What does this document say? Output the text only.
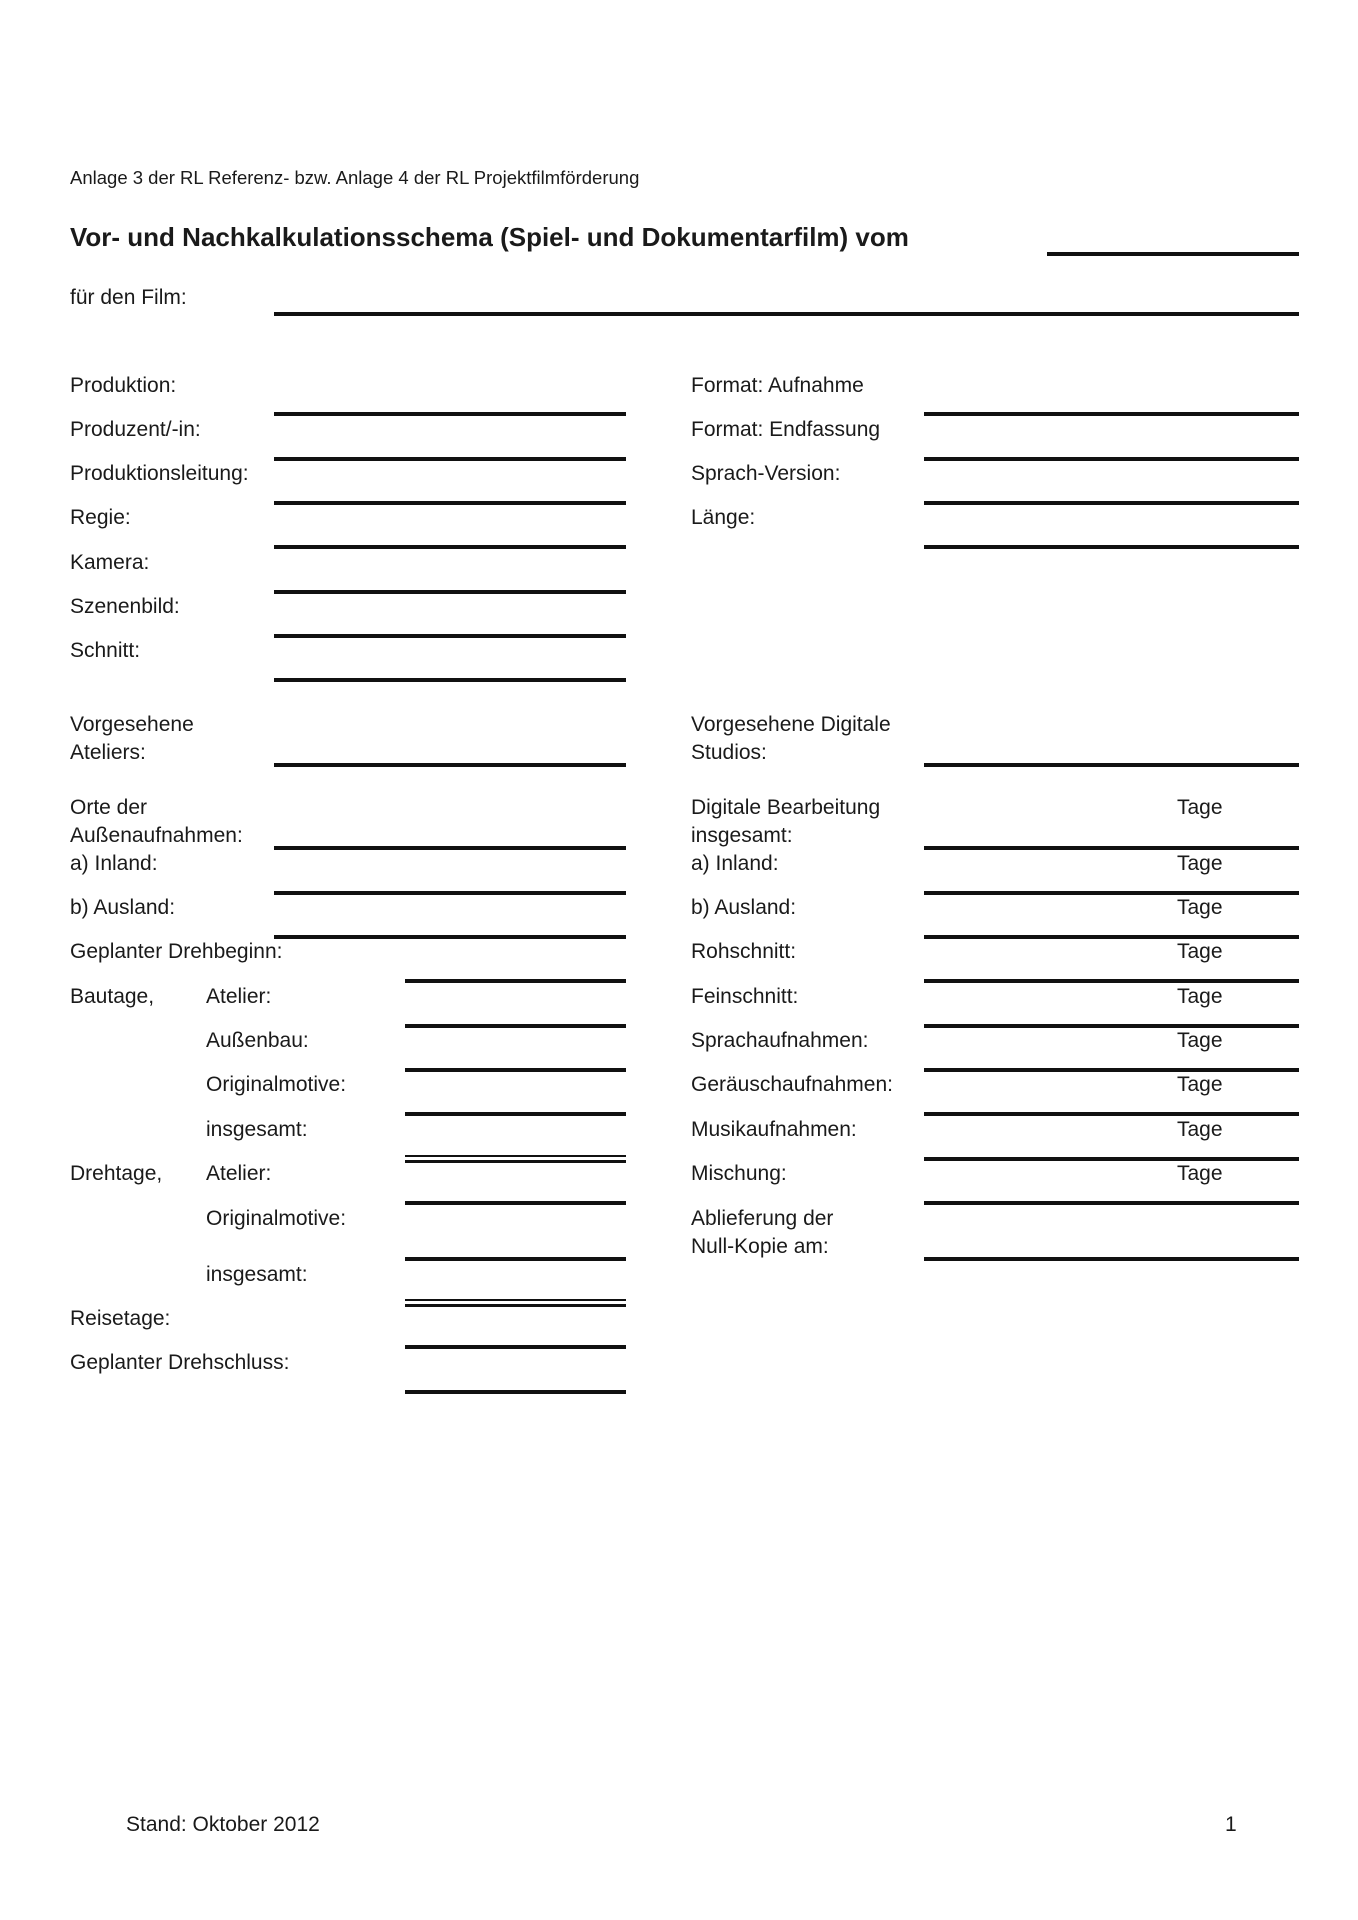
Anlage 3 der RL Referenz- bzw. Anlage 4 der RL Projektfilmförderung
Vor- und Nachkalkulationsschema (Spiel- und Dokumentarfilm) vom
für den Film:
Produktion:
Produzent/-in:
Produktionsleitung:
Regie:
Kamera:
Szenenbild:
Schnitt:
Format: Aufnahme
Format: Endfassung
Sprach-Version:
Länge:
Vorgesehene
Ateliers:
Vorgesehene Digitale
Studios:
Orte der
Außenaufnahmen:
a) Inland:
b) Ausland:
Geplanter Drehbeginn:
Bautage, Atelier:
Außenbau:
Originalmotive:
insgesamt:
Drehtage, Atelier:
Originalmotive:
insgesamt:
Reisetage:
Geplanter Drehschluss:
Digitale Bearbeitung
insgesamt:
a) Inland:
b) Ausland:
Rohschnitt:
Feinschnitt:
Sprachaufnahmen:
Geräuschaufnahmen:
Musikaufnahmen:
Mischung:
Ablieferung der
Null-Kopie am:
Tage
Tage
Tage
Tage
Tage
Tage
Tage
Tage
Tage
Stand: Oktober 2012	1
